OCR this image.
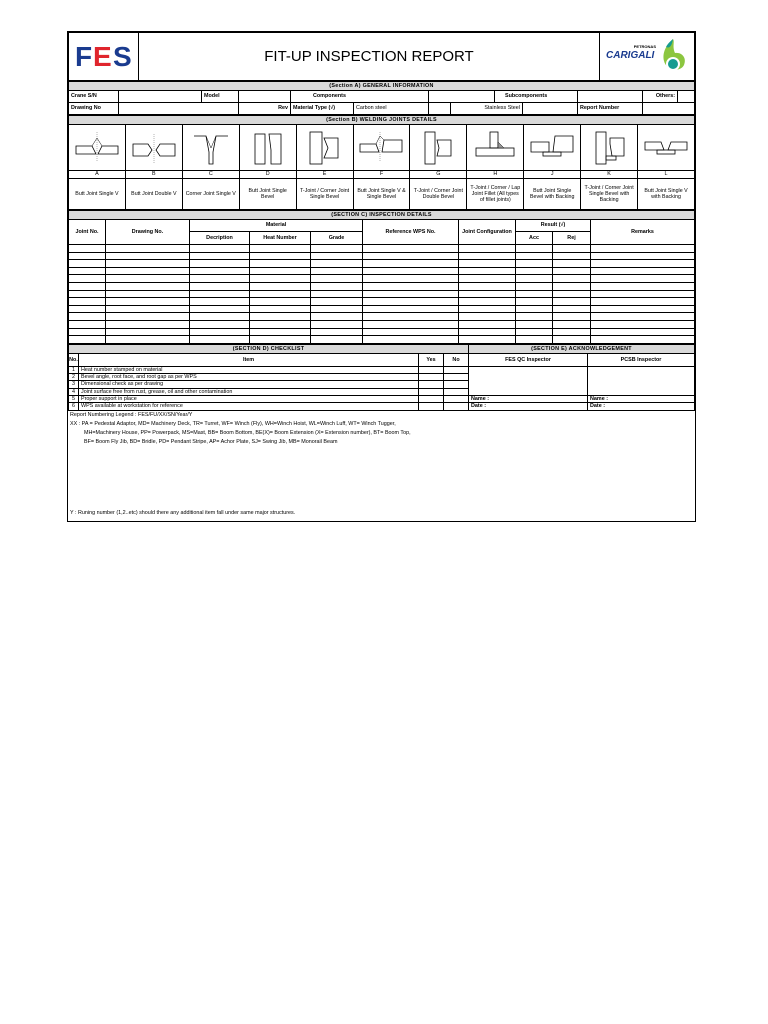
F E S	FIT-UP INSPECTION REPORT	
PETRONAS
CARIGALI
(Section A) GENERAL INFORMATION												
Crane S/N		Model		Components				Subcomponents			Others:	
Drawing No			Rev	Material Type (√)	Carbon steel		Stainless Steel			Report Number		
(Section B) WELDING JOINTS DETAILS										

A	B	C	D	E	F	G	H	J	K	L
Butt Joint Single V	Butt Joint Double V	Corner Joint Single V	Butt Joint Single Bevel	T-Joint / Corner Joint Single Bevel	Butt Joint Single V & Single Bevel	T-Joint / Corner Joint Double Bevel	T-Joint / Corner / Lap Joint Fillet (All types of fillet joints)	Butt Joint Single Bevel with Backing	T-Joint / Corner Joint Single Bevel with Backing	Butt Joint Single V with Backing
(SECTION C) INSPECTION DETAILS									
Joint No.	Drawing No.	Material			Reference WPS No.	Joint Configuration	Result (√)		Remarks
		Decription	Heat Number	Grade			Acc	Rej	

(SECTION D) CHECKLIST				(SECTION E) ACKNOWLEDGEMENT	
No.	Item	Yes	No	FES QC Inspector	PCSB Inspector
1	Heat number stamped on material				
2	Bevel angle, root face, and root gap as per WPS				
3	Dimensional check as per drawing				
4	Joint surface free from rust, grease, oil and other contamination				
5	Proper support in place			Name :	Name :
6	WPS available at workstation for reference			Date :	Date :
Report Numbering Legend : FES/FU/XX/SN/Year/Y
XX : PA = Pedestal Adaptor, MD= Machinery Deck, TR= Turret, WF= Winch (Fly), WH=Winch Hoist, WL=Winch Luff, WT= Winch Tugger,
MH=Machinery House, PP= Powerpack, MS=Mast, BB= Boom Bottom, BE(X)= Boom Extension (X= Extension number), BT= Boom Top,
BF= Boom Fly Jib, BD= Bridle, PD= Pendant Stripe, AP= Achor Plate, SJ= Swing Jib, MB= Monorail Beam
Y : Runing number (1,2..etc) should there any additional item fall under same major structures.
